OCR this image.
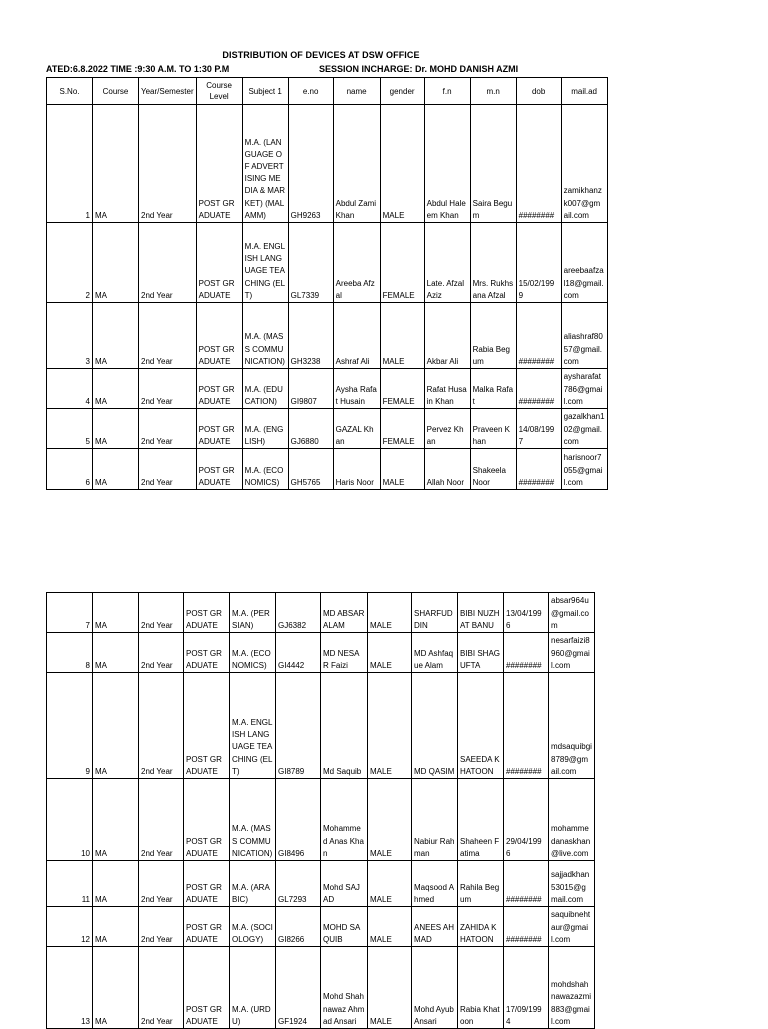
DISTRIBUTION OF DEVICES AT DSW OFFICE
ATED:6.8.2022 TIME :9:30 A.M. TO 1:30 P.M	SESSION INCHARGE: Dr. MOHD DANISH AZMI
S.No.	Course	Year/Semester	Course Level	Subject 1	e.no	name	gender	f.n	m.n	dob	mail.ad
1	MA	2nd Year	POST GRADUATE	M.A. (LANGUAGE OF ADVERTISING MEDIA & MARKET) (MALAMM)	GH9263	Abdul Zami Khan	MALE	Abdul Haleem Khan	Saira Begum	########	zamikhanzk007@gmail.com
2	MA	2nd Year	POST GRADUATE	M.A. ENGLISH LANGUAGE TEACHING (ELT)	GL7339	Areeba Afzal	FEMALE	Late. Afzal Aziz	Mrs. Rukhsana Afzal	15/02/1999	areebaafzal18@gmail.com
3	MA	2nd Year	POST GRADUATE	M.A. (MASS COMMUNICATION)	GH3238	Ashraf Ali	MALE	Akbar Ali	Rabia Begum	########	aliashraf8057@gmail.com
4	MA	2nd Year	POST GRADUATE	M.A. (EDUCATION)	GI9807	Aysha Rafat Husain	FEMALE	Rafat Husain Khan	Malka Rafat	########	aysharafat786@gmail.com
5	MA	2nd Year	POST GRADUATE	M.A. (ENGLISH)	GJ6880	GAZAL Khan	FEMALE	Pervez Khan	Praveen Khan	14/08/1997	gazalkhan102@gmail.com
6	MA	2nd Year	POST GRADUATE	M.A. (ECONOMICS)	GH5765	Haris Noor	MALE	Allah Noor	Shakeela Noor	########	harisnoor7055@gmail.com
7	MA	2nd Year	POST GRADUATE	M.A. (PERSIAN)	GJ6382	MD ABSAR ALAM	MALE	SHARFUDDIN	BIBI NUZHAT BANU	13/04/1996	absar964u@gmail.com
8	MA	2nd Year	POST GRADUATE	M.A. (ECONOMICS)	GI4442	MD NESAR Faizi	MALE	MD Ashfaque Alam	BIBI SHAGUFTA	########	nesarfaizi8960@gmail.com
9	MA	2nd Year	POST GRADUATE	M.A. ENGLISH LANGUAGE TEACHING (ELT)	GI8789	Md Saquib	MALE	MD QASIM	SAEEDA KHATOON	########	mdsaquibgi8789@gmail.com
10	MA	2nd Year	POST GRADUATE	M.A. (MASS COMMUNICATION)	GI8496	Mohammed Anas Khan	MALE	Nabiur Rahman	Shaheen Fatima	29/04/1996	mohammedanaskhan@live.com
11	MA	2nd Year	POST GRADUATE	M.A. (ARABIC)	GL7293	Mohd SAJAD	MALE	Maqsood Ahmed	Rahila Begum	########	sajjadkhan53015@gmail.com
12	MA	2nd Year	POST GRADUATE	M.A. (SOCIOLOGY)	GI8266	MOHD SAQUIB	MALE	ANEES AHMAD	ZAHIDA KHATOON	########	saquibnehtaur@gmail.com
13	MA	2nd Year	POST GRADUATE	M.A. (URDU)	GF1924	Mohd Shahnawaz Ahmad Ansari	MALE	Mohd Ayub Ansari	Rabia Khatoon	17/09/1994	mohdshahnawazazmi883@gmail.com
